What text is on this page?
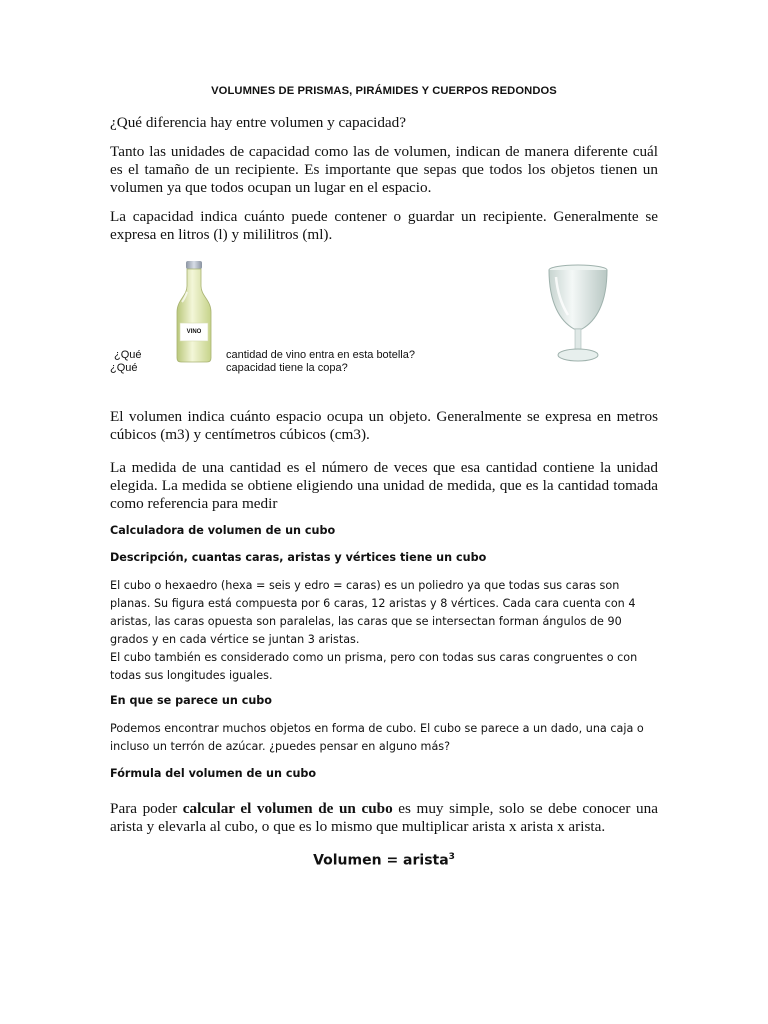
VOLUMNES DE PRISMAS, PIRÁMIDES Y CUERPOS REDONDOS

¿Qué diferencia hay entre volumen y capacidad?

Tanto las unidades de capacidad como las de volumen, indican de manera diferente cuál es el tamaño de un recipiente. Es importante que sepas que todos los objetos tienen un volumen ya que todos ocupan un lugar en el espacio.

La capacidad indica cuánto puede contener o guardar un recipiente. Generalmente se expresa en litros (l) y mililitros (ml).

VINO
¿Qué
¿Qué
cantidad de vino entra en esta botella?
capacidad tiene la copa?

El volumen indica cuánto espacio ocupa un objeto. Generalmente se expresa en metros cúbicos (m3) y centímetros cúbicos (cm3).

La medida de una cantidad es el número de veces que esa cantidad contiene la unidad elegida. La medida se obtiene eligiendo una unidad de medida, que es la cantidad tomada como referencia para medir

Calculadora de volumen de un cubo
Descripción, cuantas caras, aristas y vértices tiene un cubo
El cubo o hexaedro (hexa = seis y edro = caras) es un poliedro ya que todas sus caras son planas. Su figura está compuesta por 6 caras, 12 aristas y 8 vértices. Cada cara cuenta con 4 aristas, las caras opuesta son paralelas, las caras que se intersectan forman ángulos de 90 grados y en cada vértice se juntan 3 aristas.
El cubo también es considerado como un prisma, pero con todas sus caras congruentes o con todas sus longitudes iguales.
En que se parece un cubo
Podemos encontrar muchos objetos en forma de cubo. El cubo se parece a un dado, una caja o incluso un terrón de azúcar. ¿puedes pensar en alguno más?
Fórmula del volumen de un cubo

Para poder calcular el volumen de un cubo es muy simple, solo se debe conocer una arista y elevarla al cubo, o que es lo mismo que multiplicar arista x arista x arista.

Volumen = arista$^3$
